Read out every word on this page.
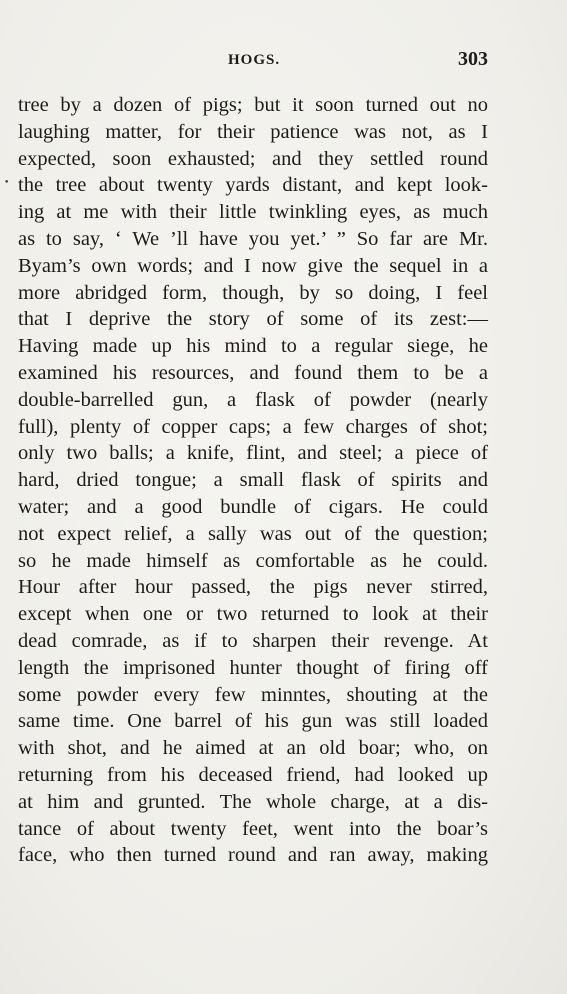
HOGS.	303
•
tree by a dozen of pigs; but it soon turned out no
laughing matter, for their patience was not, as I
expected, soon exhausted; and they settled round
the tree about twenty yards distant, and kept look-
ing at me with their little twinkling eyes, as much
as to say, ‘ We ’ll have you yet.’ ” So far are Mr.
Byam’s own words; and I now give the sequel in a
more abridged form, though, by so doing, I feel
that I deprive the story of some of its zest:—
Having made up his mind to a regular siege, he
examined his resources, and found them to be a
double-barrelled gun, a flask of powder (nearly
full), plenty of copper caps; a few charges of shot;
only two balls; a knife, flint, and steel; a piece of
hard, dried tongue; a small flask of spirits and
water; and a good bundle of cigars. He could
not expect relief, a sally was out of the question;
so he made himself as comfortable as he could.
Hour after hour passed, the pigs never stirred,
except when one or two returned to look at their
dead comrade, as if to sharpen their revenge. At
length the imprisoned hunter thought of firing off
some powder every few minntes, shouting at the
same time. One barrel of his gun was still loaded
with shot, and he aimed at an old boar; who, on
returning from his deceased friend, had looked up
at him and grunted. The whole charge, at a dis-
tance of about twenty feet, went into the boar’s
face, who then turned round and ran away, making
